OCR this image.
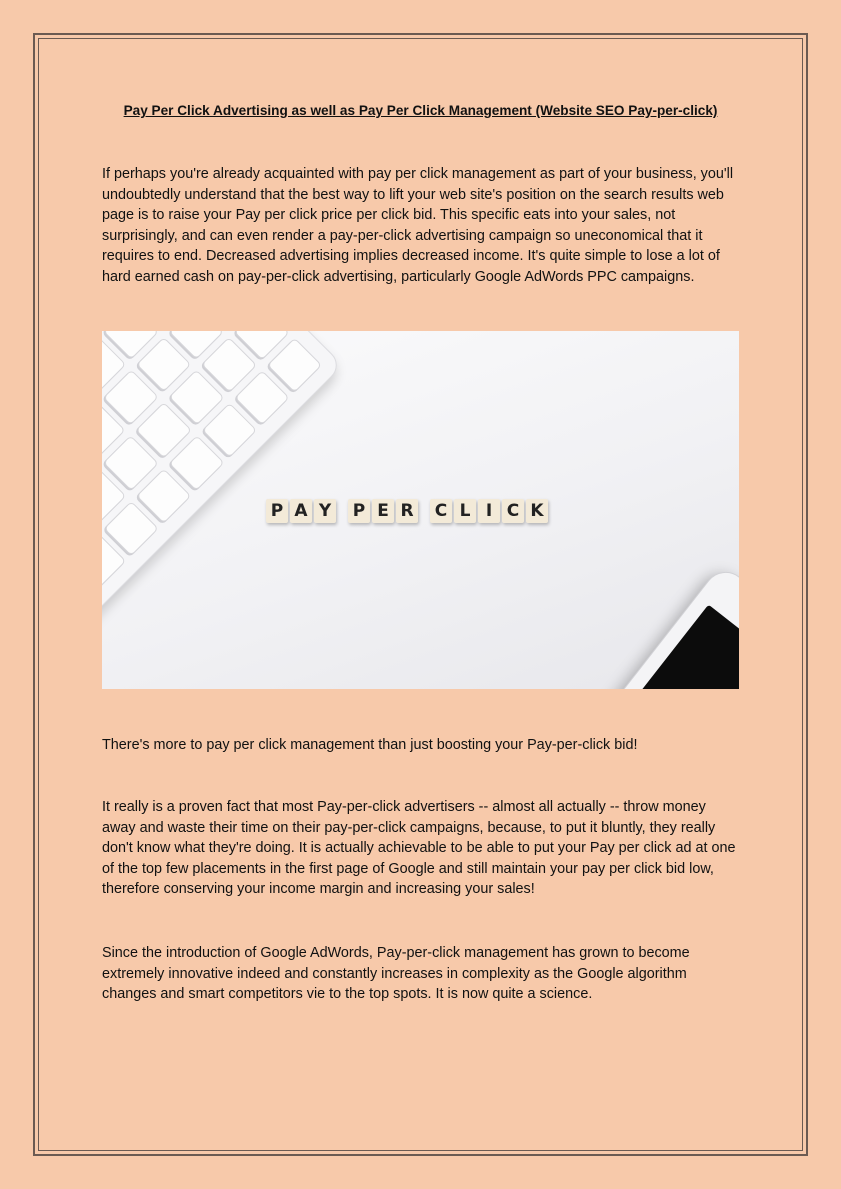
Pay Per Click Advertising as well as Pay Per Click Management (Website SEO Pay-per-click)

If perhaps you're already acquainted with pay per click management as part of your business, you'll undoubtedly understand that the best way to lift your web site's position on the search results web page is to raise your Pay per click price per click bid. This specific eats into your sales, not surprisingly, and can even render a pay-per-click advertising campaign so uneconomical that it requires to end. Decreased advertising implies decreased income. It's quite simple to lose a lot of hard earned cash on pay-per-click advertising, particularly Google AdWords PPC campaigns.

P A Y P E R C L I C K

There's more to pay per click management than just boosting your Pay-per-click bid!

It really is a proven fact that most Pay-per-click advertisers -- almost all actually -- throw money away and waste their time on their pay-per-click campaigns, because, to put it bluntly, they really don't know what they're doing. It is actually achievable to be able to put your Pay per click ad at one of the top few placements in the first page of Google and still maintain your pay per click bid low, therefore conserving your income margin and increasing your sales!

Since the introduction of Google AdWords, Pay-per-click management has grown to become extremely innovative indeed and constantly increases in complexity as the Google algorithm changes and smart competitors vie to the top spots. It is now quite a science.
